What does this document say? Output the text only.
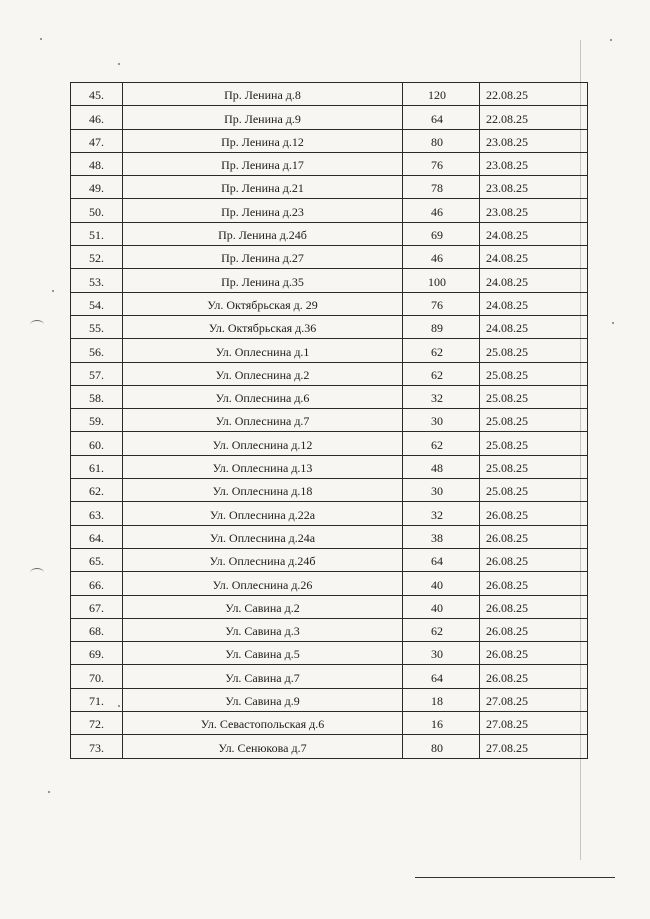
45.	Пр. Ленина д.8	120	22.08.25
46.	Пр. Ленина д.9	64	22.08.25
47.	Пр. Ленина д.12	80	23.08.25
48.	Пр. Ленина д.17	76	23.08.25
49.	Пр. Ленина д.21	78	23.08.25
50.	Пр. Ленина д.23	46	23.08.25
51.	Пр. Ленина д.24б	69	24.08.25
52.	Пр. Ленина д.27	46	24.08.25
53.	Пр. Ленина д.35	100	24.08.25
54.	Ул. Октябрьская д. 29	76	24.08.25
55.	Ул. Октябрьская д.36	89	24.08.25
56.	Ул. Оплеснина д.1	62	25.08.25
57.	Ул. Оплеснина д.2	62	25.08.25
58.	Ул. Оплеснина д.6	32	25.08.25
59.	Ул. Оплеснина д.7	30	25.08.25
60.	Ул. Оплеснина д.12	62	25.08.25
61.	Ул. Оплеснина д.13	48	25.08.25
62.	Ул. Оплеснина д.18	30	25.08.25
63.	Ул. Оплеснина д.22а	32	26.08.25
64.	Ул. Оплеснина д.24а	38	26.08.25
65.	Ул. Оплеснина д.24б	64	26.08.25
66.	Ул. Оплеснина д.26	40	26.08.25
67.	Ул. Савина д.2	40	26.08.25
68.	Ул. Савина д.3	62	26.08.25
69.	Ул. Савина д.5	30	26.08.25
70.	Ул. Савина д.7	64	26.08.25
71.	Ул. Савина д.9	18	27.08.25
72.	Ул. Севастопольская д.6	16	27.08.25
73.	Ул. Сенюкова д.7	80	27.08.25
